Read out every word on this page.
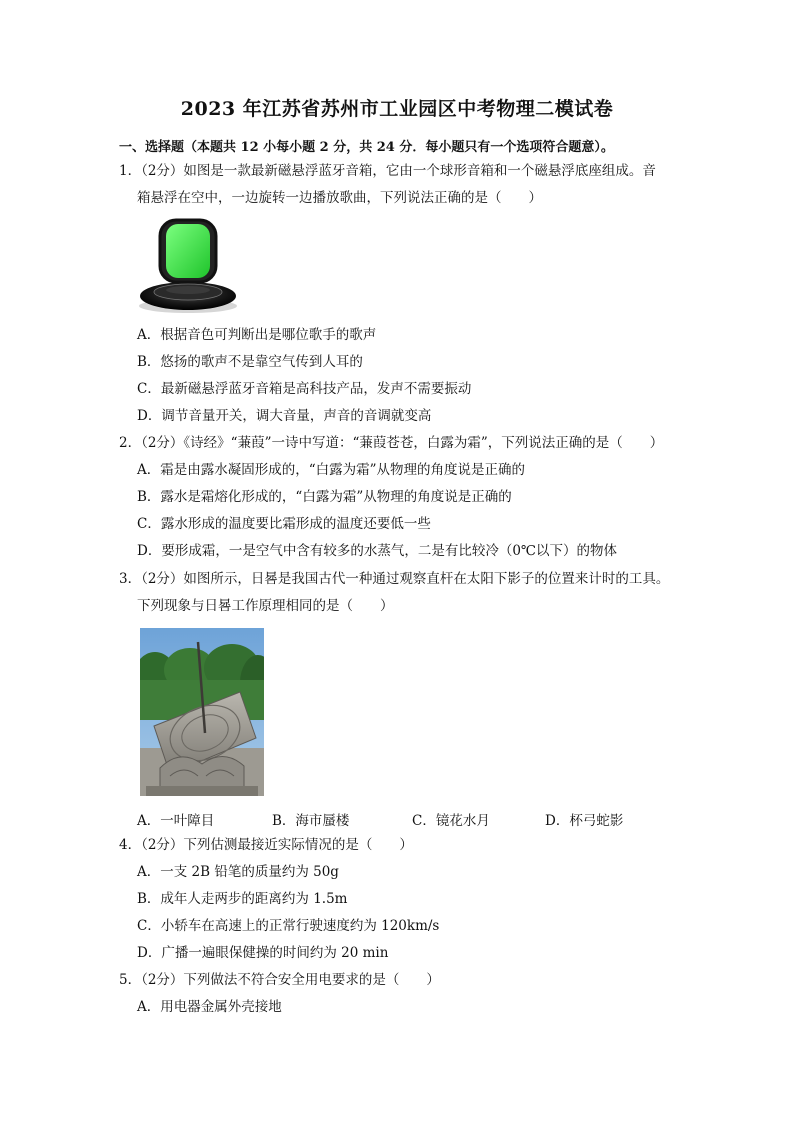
2023 年江苏省苏州市工业园区中考物理二模试卷
一、选择题（本题共 12 小每小题 2 分，共 24 分．每小题只有一个选项符合题意）。
1．（2分）如图是一款最新磁悬浮蓝牙音箱，它由一个球形音箱和一个磁悬浮底座组成。音
箱悬浮在空中，一边旋转一边播放歌曲，下列说法正确的是（　　）
A．根据音色可判断出是哪位歌手的歌声
B．悠扬的歌声不是靠空气传到人耳的
C．最新磁悬浮蓝牙音箱是高科技产品，发声不需要振动
D．调节音量开关，调大音量，声音的音调就变高
2．（2分）《诗经》“蒹葭”一诗中写道：“蒹葭苍苍，白露为霜”，下列说法正确的是（　　）
A．霜是由露水凝固形成的，“白露为霜”从物理的角度说是正确的
B．露水是霜熔化形成的，“白露为霜”从物理的角度说是正确的
C．露水形成的温度要比霜形成的温度还要低一些
D．要形成霜，一是空气中含有较多的水蒸气，二是有比较冷（0℃以下）的物体
3．（2分）如图所示，日晷是我国古代一种通过观察直杆在太阳下影子的位置来计时的工具。
下列现象与日晷工作原理相同的是（　　）
A．一叶障目	B．海市蜃楼	C．镜花水月	D．杯弓蛇影
4．（2分）下列估测最接近实际情况的是（　　）
A．一支 2B 铅笔的质量约为 50g
B．成年人走两步的距离约为 1.5m
C．小轿车在高速上的正常行驶速度约为 120km/s
D．广播一遍眼保健操的时间约为 20 min
5．（2分）下列做法不符合安全用电要求的是（　　）
A．用电器金属外壳接地
